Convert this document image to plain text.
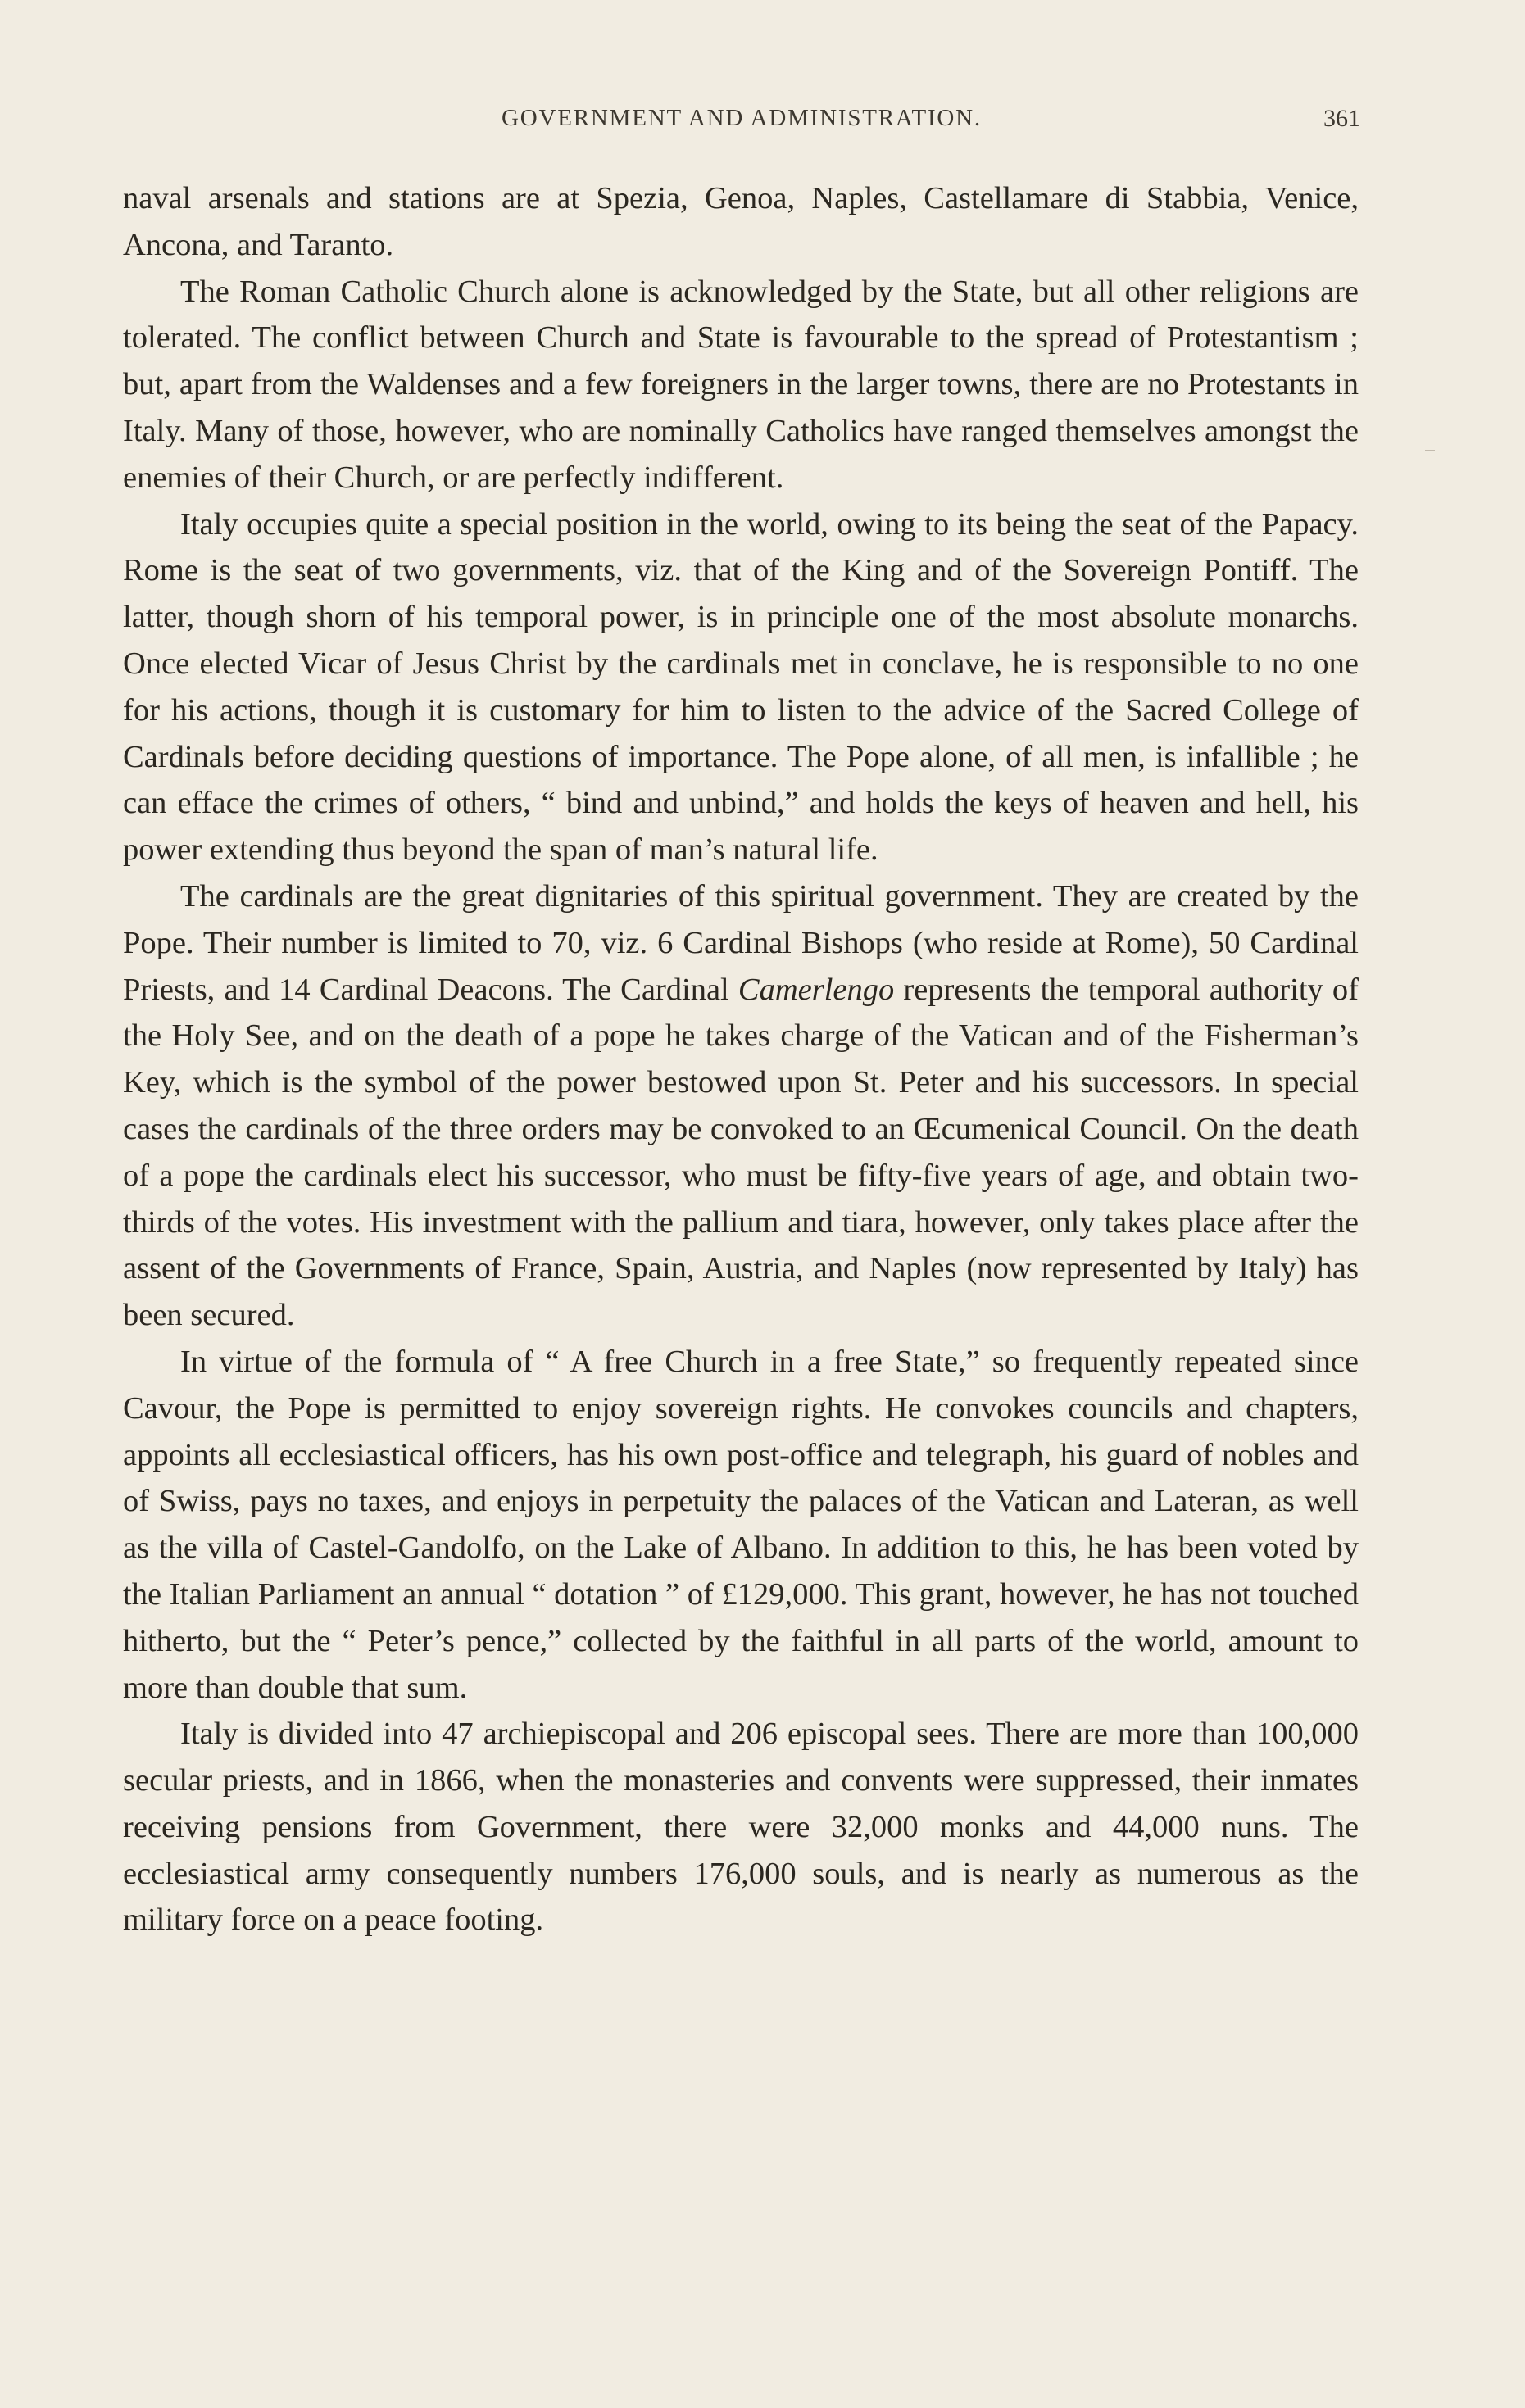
GOVERNMENT AND ADMINISTRATION.	361

naval arsenals and stations are at Spezia, Genoa, Naples, Castellamare di Stabbia, Venice, Ancona, and Taranto.

The Roman Catholic Church alone is acknowledged by the State, but all other religions are tolerated. The conflict between Church and State is favourable to the spread of Protestantism ; but, apart from the Waldenses and a few foreigners in the larger towns, there are no Protestants in Italy. Many of those, however, who are nominally Catholics have ranged themselves amongst the enemies of their Church, or are perfectly indifferent.

Italy occupies quite a special position in the world, owing to its being the seat of the Papacy. Rome is the seat of two governments, viz. that of the King and of the Sovereign Pontiff. The latter, though shorn of his temporal power, is in principle one of the most absolute monarchs. Once elected Vicar of Jesus Christ by the cardinals met in conclave, he is responsible to no one for his actions, though it is customary for him to listen to the advice of the Sacred College of Cardinals before deciding questions of importance. The Pope alone, of all men, is infallible ; he can efface the crimes of others, “ bind and unbind,” and holds the keys of heaven and hell, his power extending thus beyond the span of man’s natural life.

The cardinals are the great dignitaries of this spiritual government. They are created by the Pope. Their number is limited to 70, viz. 6 Cardinal Bishops (who reside at Rome), 50 Cardinal Priests, and 14 Cardinal Deacons. The Cardinal Camerlengo represents the temporal authority of the Holy See, and on the death of a pope he takes charge of the Vatican and of the Fisherman’s Key, which is the symbol of the power bestowed upon St. Peter and his successors. In special cases the cardinals of the three orders may be convoked to an Œcumenical Council. On the death of a pope the cardinals elect his successor, who must be fifty-five years of age, and obtain two-thirds of the votes. His investment with the pallium and tiara, however, only takes place after the assent of the Governments of France, Spain, Austria, and Naples (now represented by Italy) has been secured.

In virtue of the formula of “ A free Church in a free State,” so frequently repeated since Cavour, the Pope is permitted to enjoy sovereign rights. He convokes councils and chapters, appoints all ecclesiastical officers, has his own post-office and telegraph, his guard of nobles and of Swiss, pays no taxes, and enjoys in perpetuity the palaces of the Vatican and Lateran, as well as the villa of Castel-Gandolfo, on the Lake of Albano. In addition to this, he has been voted by the Italian Parliament an annual “ dotation ” of £129,000. This grant, however, he has not touched hitherto, but the “ Peter’s pence,” collected by the faithful in all parts of the world, amount to more than double that sum.

Italy is divided into 47 archiepiscopal and 206 episcopal sees. There are more than 100,000 secular priests, and in 1866, when the monasteries and convents were suppressed, their inmates receiving pensions from Government, there were 32,000 monks and 44,000 nuns. The ecclesiastical army consequently numbers 176,000 souls, and is nearly as numerous as the military force on a peace footing.
